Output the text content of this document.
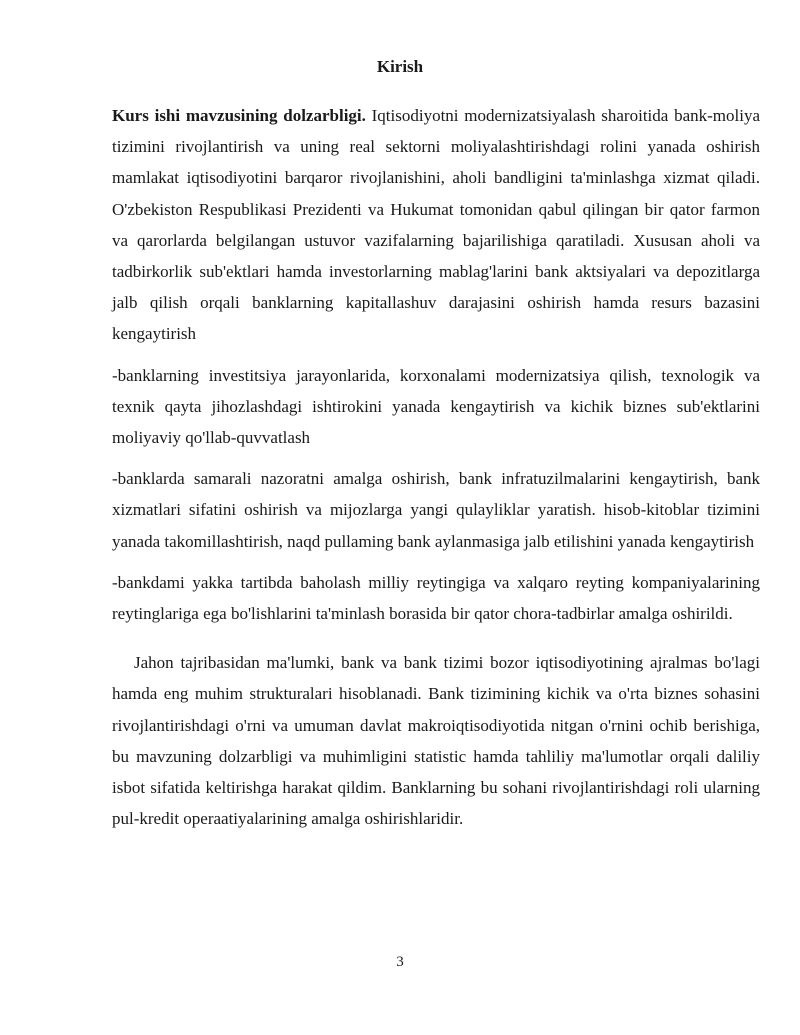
Kirish

Kurs ishi mavzusining dolzarbligi. Iqtisodiyotni modernizatsiyalash sharoitida bank-moliya tizimini rivojlantirish va uning real sektorni moliyalashtirishdagi rolini yanada oshirish mamlakat iqtisodiyotini barqaror rivojlanishini, aholi bandligini ta'minlashga xizmat qiladi. O'zbekiston Respublikasi Prezidenti va Hukumat tomonidan qabul qilingan bir qator farmon va qarorlarda belgilangan ustuvor vazifalarning bajarilishiga qaratiladi. Xususan aholi va tadbirkorlik sub'ektlari hamda investorlarning mablag'larini bank aktsiyalari va depozitlarga jalb qilish orqali banklarning kapitallashuv darajasini oshirish hamda resurs bazasini kengaytirish

-banklarning investitsiya jarayonlarida, korxonalami modernizatsiya qilish, texnologik va texnik qayta jihozlashdagi ishtirokini yanada kengaytirish va kichik biznes sub'ektlarini moliyaviy qo'llab-quvvatlash

-banklarda samarali nazoratni amalga oshirish, bank infratuzilmalarini kengaytirish, bank xizmatlari sifatini oshirish va mijozlarga yangi qulayliklar yaratish. hisob-kitoblar tizimini yanada takomillashtirish, naqd pullaming bank aylanmasiga jalb etilishini yanada kengaytirish

-bankdami yakka tartibda baholash milliy reytingiga va xalqaro reyting kompaniyalarining reytinglariga ega bo'lishlarini ta'minlash borasida bir qator chora-tadbirlar amalga oshirildi.

Jahon tajribasidan ma'lumki, bank va bank tizimi bozor iqtisodiyotining ajralmas bo'lagi hamda eng muhim strukturalari hisoblanadi. Bank tizimining kichik va o'rta biznes sohasini rivojlantirishdagi o'rni va umuman davlat makroiqtisodiyotida nitgan o'rnini ochib berishiga, bu mavzuning dolzarbligi va muhimligini statistic hamda tahliliy ma'lumotlar orqali daliliy isbot sifatida keltirishga harakat qildim. Banklarning bu sohani rivojlantirishdagi roli ularning pul-kredit operaatiyalarining amalga oshirishlaridir.

3
